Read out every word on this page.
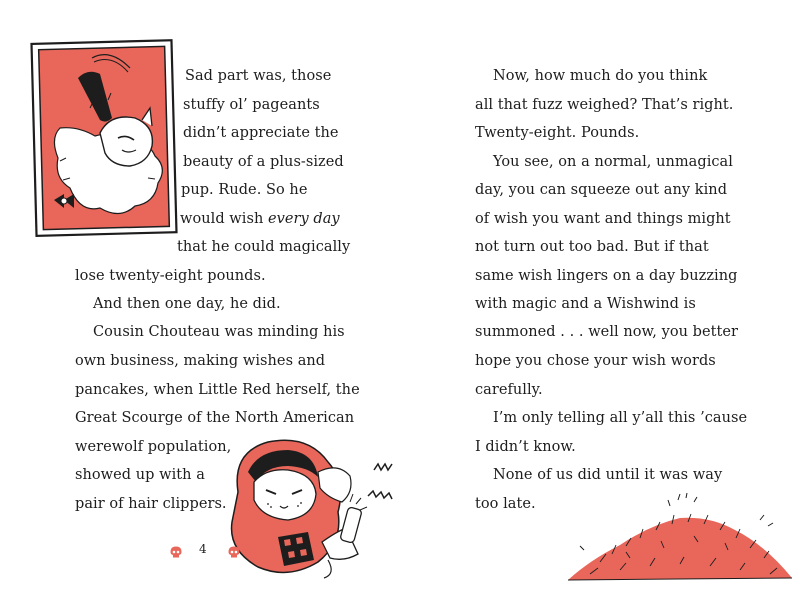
Sad part was, those
stuffy ol’ pageants
didn’t appreciate the
beauty of a plus-sized
pup. Rude. So he
would wish every day
that he could magically
lose twenty-eight pounds.
And then one day, he did.
Cousin Chouteau was minding his
own business, making wishes and
pancakes, when Little Red herself, the
Great Scourge of the North American
werewolf population,
showed up with a
pair of hair clippers.
4
Now, how much do you think
all that fuzz weighed? That’s right.
Twenty-eight. Pounds.
You see, on a normal, unmagical
day, you can squeeze out any kind
of wish you want and things might
not turn out too bad. But if that
same wish lingers on a day buzzing
with magic and a Wishwind is
summoned . . . well now, you better
hope you chose your wish words
carefully.
I’m only telling all y’all this ’cause
I didn’t know.
None of us did until it was way
too late.
